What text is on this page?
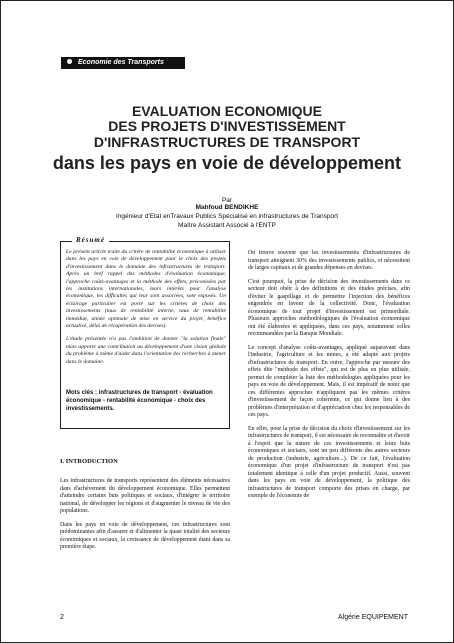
Economie des Transports
EVALUATION ECONOMIQUE
DES PROJETS D'INVESTISSEMENT
D'INFRASTRUCTURES DE TRANSPORT
dans les pays en voie de développement
Par
Mahfoud BENDIKHE
Ingénieur d'Etat enTravaux Publics Spécialisé en infrastructures de Transport
Maître Assistant Associé à l'ENTP
Résumé

Le présent article traite du critère de rentabilité économique à utiliser dans les pays en voie de développement pour le choix des projets d'investissement dans le domaine des infrastructures de transport. Après un bref rappel des méthodes d'évaluation économique, l'approche coûts-avantages et la méthode des effets, préconisées par les institutions internationales, leurs intérêts pour l'analyse économique, les difficultés qui leur sont associées, sont exposés. Un éclairage particulier est porté sur les critères de choix des investissements (taux de rentabilité interne, taux de rentabilité immédiat, année optimale de mise en service du projet, bénéfice actualisé, délai de récupération des devises).

L'étude présentée n'a pas l'ambition de donner "la solution finale" mais apporte une contribution au développement d'une vision globale du problème à même d'aider dans l'orientation des recherches à mener dans le domaine.

Mots clés : infrastructures de transport - évaluation économique - rentabilité économique - choix des investissements.
I. INTRODUCTION

Les infrastructures de transports représentent des éléments nécessaires dans d'achèvement du développement économique. Elles permettent d'atteindre certains buts politiques et sociaux, d'intégrer le territoire national, de développer les régions et d'augmenter le niveau de vie des populations.

Dans les pays en voie de développement, ces infrastructures sont prédominantes afin d'assurer et d'alimenter la quasi totalité des secteurs économiques et sociaux, la croissance de développement étant dans sa première étape.

On trouve souvent que les investissements d'infrastructures de transport atteignent 30% des investissements publics, et nécessitent de larges capitaux et de grandes dépenses en devises.

C'est pourquoi, la prise de décision des investissements dans ce secteur doit obéir à des définitions et des études précises, afin d'éviter le gaspillage et de permettre l'injection des bénéfices engendrés en faveur de la collectivité. Donc, l'évaluation économique de tout projet d'investissement est primordiale. Plusieurs approches méthodologiques de l'évaluation économique ont été élaborées et appliquées, dans ces pays, notamment celles recommandées par la Banque Mondiale.

Le concept d'analyse coûts-avantages, appliqué auparavant dans l'industrie, l'agriculture et les mines, a été adapté aux projets d'infrastructures de transport. En outre, l'approche par mesure des effets dite "méthode des effets", qui est de plus en plus utilisée, permet de compléter la liste des méthodologies appliquées pour les pays en voie de développement. Mais, il est impératif de noter que ces différentes approches n'appliquent pas les mêmes critères d'investissement de façon cohérente, ce qui donne lieu à des problèmes d'interprétation et d'appréciation chez les responsables de ces pays.

En effet, pour la prise de décision du choix d'investissement sur les infrastructures de transport, il est nécessaire de reconnaître et d'avoir à l'esprit que la nature de ces investissements et leurs buts économiques et sociaux, sont un peu différents des autres secteurs de production (industrie, agriculture...). De ce fait, l'évaluation économique d'un projet d'infrastructure de transport n'est pas totalement identique à celle d'un projet productif. Aussi, souvent dans les pays en voie de développement, la politique des infrastructures de transport comporte des prises en charge, par exemple de l'économie de

2	Algérie EQUIPEMENT
